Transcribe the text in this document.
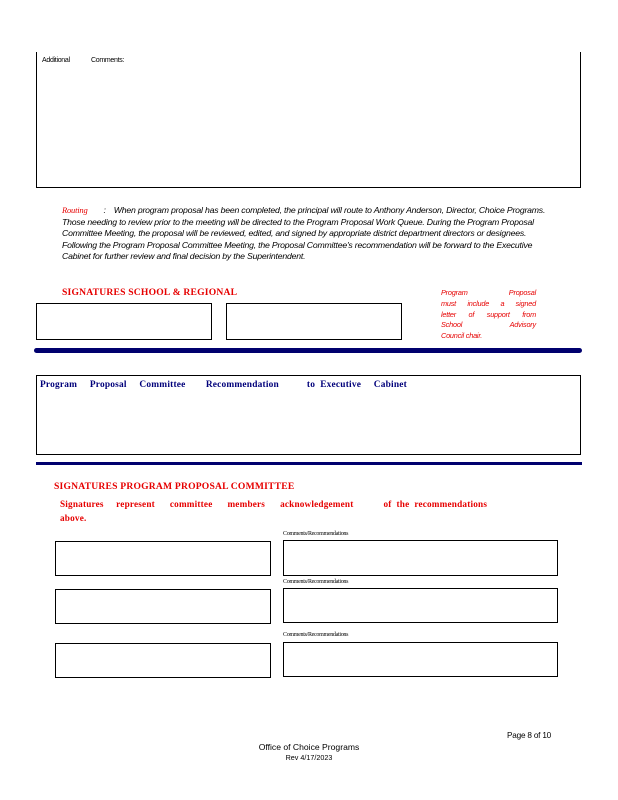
Additional	Comments:
Routing : When program proposal has been completed, the principal will route to Anthony Anderson, Director, Choice Programs. Those needing to review prior to the meeting will be directed to the Program Proposal Work Queue. During the Program Proposal Committee Meeting, the proposal will be reviewed, edited, and signed by appropriate district department directors or designees. Following the Program Proposal Committee Meeting, the Proposal Committee's recommendation will be forward to the Executive Cabinet for further review and final decision by the Superintendent.
SIGNATURES SCHOOL & REGIONAL	Program Proposal
must include a signed
letter of support from
School Advisory
Council chair.
Program     Proposal     Committee        Recommendation           to  Executive     Cabinet
SIGNATURES PROGRAM PROPOSAL COMMITTEE
Signatures     represent      committee      members      acknowledgement            of  the  recommendations
above.
Comments/Recommendations
Comments/Recommendations
Comments/Recommendations
Page 8 of 10
Office of Choice Programs
Rev 4/17/2023
